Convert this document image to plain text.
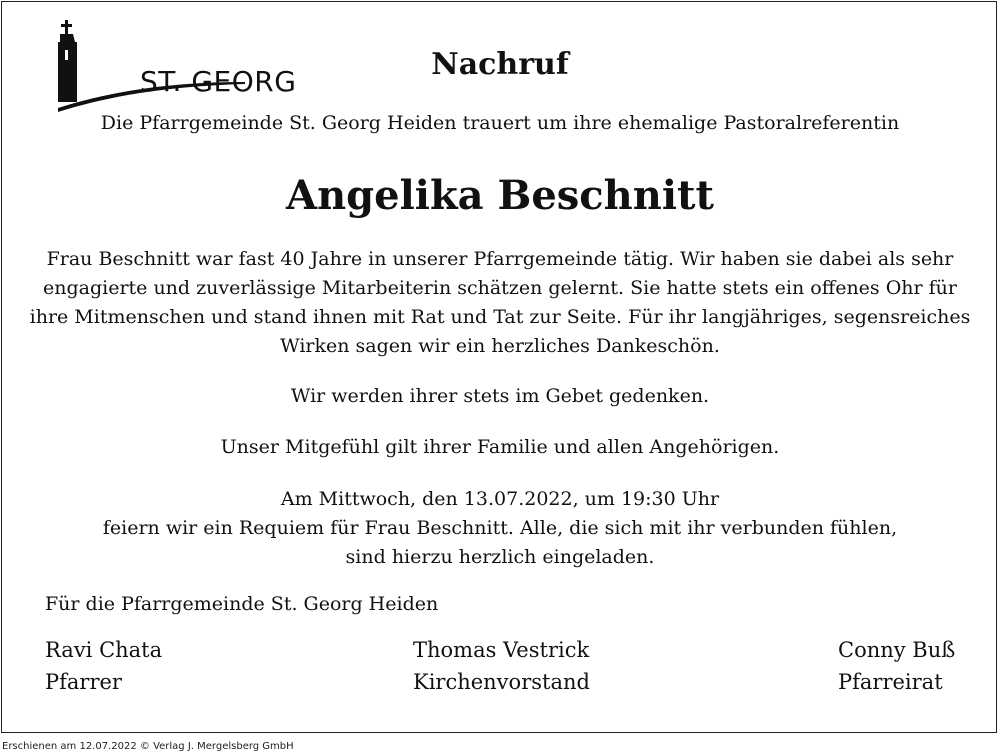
ST. GEORG	Nachruf
Die Pfarrgemeinde St. Georg Heiden trauert um ihre ehemalige Pastoralreferentin
Angelika Beschnitt
Frau Beschnitt war fast 40 Jahre in unserer Pfarrgemeinde tätig. Wir haben sie dabei als sehr
engagierte und zuverlässige Mitarbeiterin schätzen gelernt. Sie hatte stets ein offenes Ohr für
ihre Mitmenschen und stand ihnen mit Rat und Tat zur Seite. Für ihr langjähriges, segensreiches
Wirken sagen wir ein herzliches Dankeschön.
Wir werden ihrer stets im Gebet gedenken.
Unser Mitgefühl gilt ihrer Familie und allen Angehörigen.
Am Mittwoch, den 13.07.2022, um 19:30 Uhr
feiern wir ein Requiem für Frau Beschnitt. Alle, die sich mit ihr verbunden fühlen,
sind hierzu herzlich eingeladen.
Für die Pfarrgemeinde St. Georg Heiden
Ravi Chata
Pfarrer
Thomas Vestrick
Kirchenvorstand
Conny Buß
Pfarreirat
Erschienen am 12.07.2022 © Verlag J. Mergelsberg GmbH
